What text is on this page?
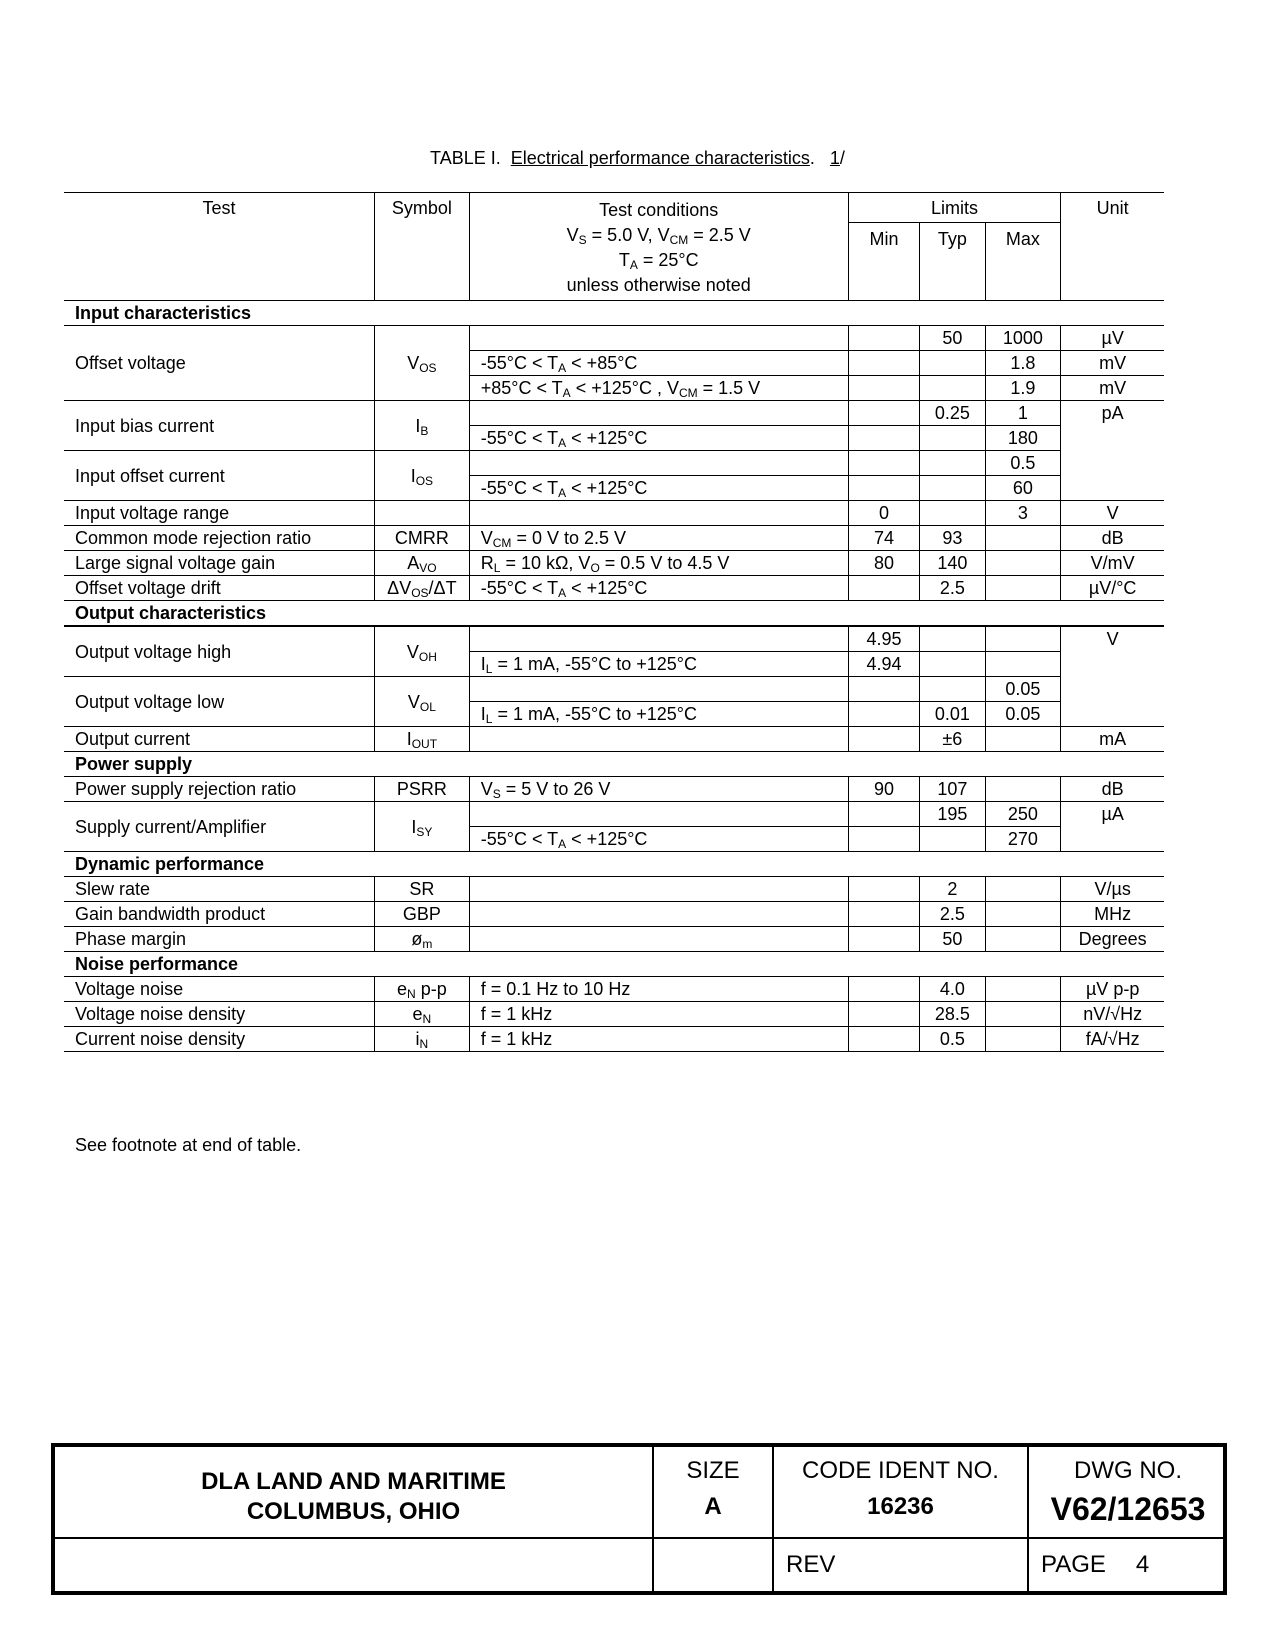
TABLE I. Electrical performance characteristics. 1/
Test	Symbol	Test conditions
$V_S = 5.0$ V, $V_{CM} = 2.5$ V
$T_A = 25^\circ C$
unless otherwise noted	Limits			Unit
			Min	Typ	Max	
Input characteristics						
Offset voltage	$V_{OS}$			50	1000	µV
		$-55^\circ C < T_A < +85^\circ C$			1.8	mV
		$+85^\circ C < T_A < +125^\circ C$ , $V_{CM} = 1.5$ V			1.9	mV
Input bias current	$I_B$			0.25	1	pA
		$-55^\circ C < T_A < +125^\circ C$			180	
Input offset current	$I_{OS}$				0.5	
		$-55^\circ C < T_A < +125^\circ C$			60	
Input voltage range			0		3	V
Common mode rejection ratio	CMRR	$V_{CM} = 0$ V to 2.5 V	74	93		dB
Large signal voltage gain	$A_{VO}$	$R_L = 10$ kΩ, $V_O = 0.5$ V to 4.5 V	80	140		V/mV
Offset voltage drift	$\Delta V_{OS}/\Delta T$	$-55^\circ C < T_A < +125^\circ C$		2.5		µV/°C
Output characteristics						
Output voltage high	$V_{OH}$		4.95			V
		$I_L = 1$ mA, -55°C to +125°C	4.94			
Output voltage low	$V_{OL}$				0.05	
		$I_L = 1$ mA, -55°C to +125°C		0.01	0.05	
Output current	$I_{OUT}$			±6		mA
Power supply						
Power supply rejection ratio	PSRR	$V_S = 5$ V to 26 V	90	107		dB
Supply current/Amplifier	$I_{SY}$			195	250	µA
		$-55^\circ C < T_A < +125^\circ C$			270	
Dynamic performance						
Slew rate	SR			2		V/µs
Gain bandwidth product	GBP			2.5		MHz
Phase margin	$ø_m$			50		Degrees
Noise performance						
Voltage noise	$e_N$ p-p	f = 0.1 Hz to 10 Hz		4.0		µV p-p
Voltage noise density	$e_N$	f = 1 kHz		28.5		nV/√Hz
Current noise density	$i_N$	f = 1 kHz		0.5		fA/√Hz
See footnote at end of table.
DLA LAND AND MARITIME
COLUMBUS, OHIO
SIZE
A
CODE IDENT NO.
16236
DWG NO.
V62/12653
REV	PAGE 4
